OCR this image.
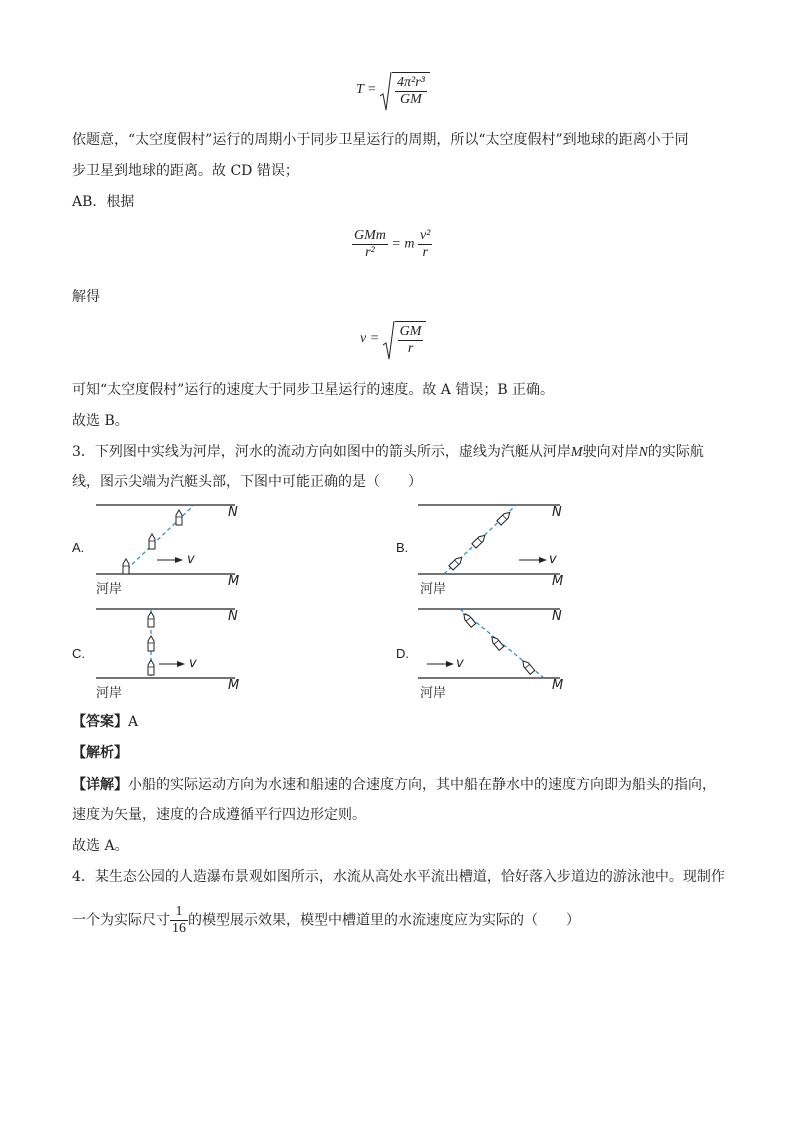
$T = \frac{\text{4π²r³}}{GM}$
依题意，“太空度假村”运行的周期小于同步卫星运行的周期，所以“太空度假村”到地球的距离小于同
步卫星到地球的距离。故 CD 错误；
AB．根据
$\frac{\text{GMm}}{\text{r²}} = m \frac{\text{v²}}{r}$
解得
$v = \frac{GM}{r}$
可知“太空度假村”运行的速度大于同步卫星运行的速度。故 A 错误；B 正确。
故选 B。
3．下列图中实线为河岸，河水的流动方向如图中的箭头所示，虚线为汽艇从河岸M驶向对岸N的实际航
线，图示尖端为汽艇头部，下图中可能正确的是（　　）
A.	B.
C.	D.
N
M
v
河岸
N
M
v
河岸
N
M
v
河岸
N
M
v
河岸
【答案】A
【解析】
【详解】小船的实际运动方向为水速和船速的合速度方向，其中船在静水中的速度方向即为船头的指向，
速度为矢量，速度的合成遵循平行四边形定则。
故选 A。
4．某生态公园的人造瀑布景观如图所示，水流从高处水平流出槽道，恰好落入步道边的游泳池中。现制作
一个为实际尺寸 $\frac{1}{16}$ 的模型展示效果，模型中槽道里的水流速度应为实际的（　　）
